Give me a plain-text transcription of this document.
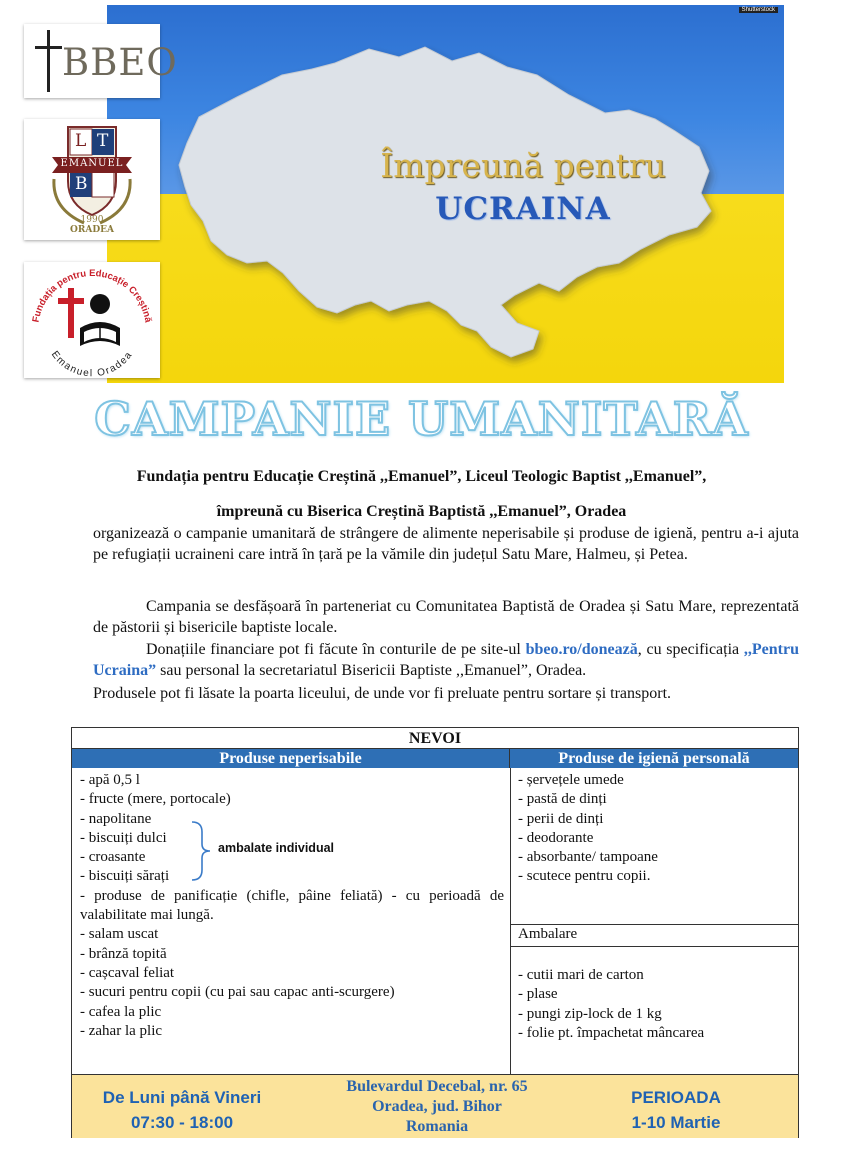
Împreună pentru
UCRAINA
Shutterstock
BBEO
L T
EMANUEL
B
1990
ORADEA
Fundația pentru Educație Creștină
Emanuel Oradea
CAMPANIE UMANITARĂ
Fundația pentru Educație Creștină ,,Emanuel”, Liceul Teologic Baptist ,,Emanuel”,
împreună cu Biserica Creștină Baptistă ,,Emanuel”, Oradea
organizează o campanie umanitară de strângere de alimente neperisabile și produse de igienă, pentru a-i ajuta pe refugiații ucraineni care intră în țară pe la vămile din județul Satu Mare, Halmeu, și Petea.
Campania se desfășoară în parteneriat cu Comunitatea Baptistă de Oradea și Satu Mare, reprezentată de păstorii și bisericile baptiste locale.
Donațiile financiare pot fi făcute în conturile de pe site-ul bbeo.ro/donează, cu specificația ,,Pentru Ucraina” sau personal la secretariatul Bisericii Baptiste ,,Emanuel”, Oradea.
Produsele pot fi lăsate la poarta liceului, de unde vor fi preluate pentru sortare și transport.
NEVOI
Produse neperisabile	Produse de igienă personală
- apă 0,5 l
- fructe (mere, portocale)
- napolitane
- biscuiți dulci
- croasante
- biscuiți sărați
- produse de panificație (chifle, pâine feliată) - cu perioadă de valabilitate mai lungă.
- salam uscat
- brânză topită
- cașcaval feliat
- sucuri pentru copii (cu pai sau capac anti-scurgere)
- cafea la plic
- zahar la plic
ambalate individual
- șervețele umede
- pastă de dinți
- perii de dinți
- deodorante
- absorbante/ tampoane
- scutece pentru copii.
Ambalare
- cutii mari de carton
- plase
- pungi zip-lock de 1 kg
- folie pt. împachetat mâncarea
De Luni până Vineri
07:30 - 18:00
Bulevardul Decebal, nr. 65
Oradea, jud. Bihor
Romania
PERIOADA
1-10 Martie
